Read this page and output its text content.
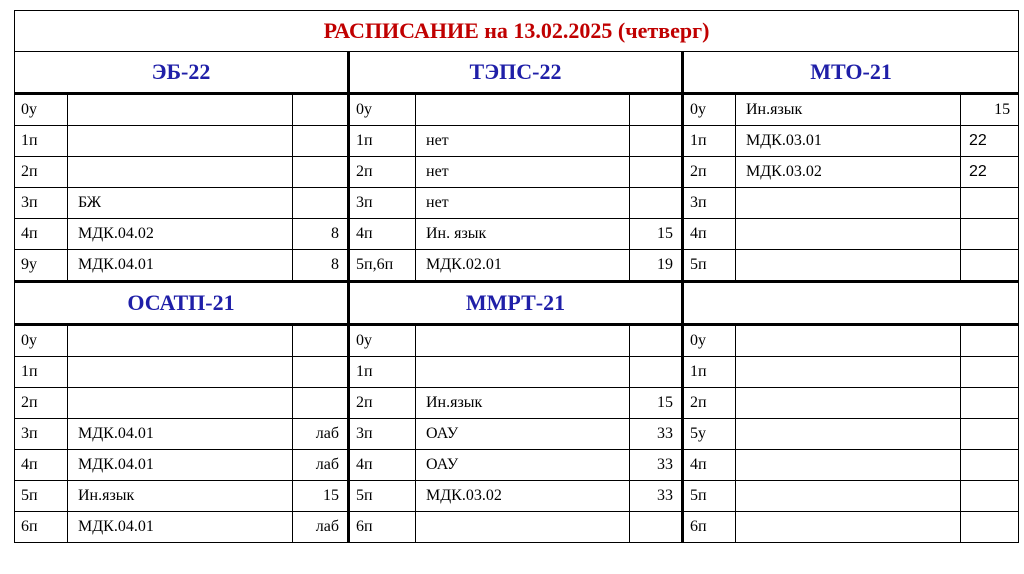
РАСПИСАНИЕ на 13.02.2025 (четверг)								
ЭБ-22			ТЭПС-22			МТО-21		
0у			0у			0у	Ин.язык	15
1п			1п	нет		1п	МДК.03.01	22
2п			2п	нет		2п	МДК.03.02	22
3п	БЖ		3п	нет		3п		
4п	МДК.04.02	8	4п	Ин. язык	15	4п		
9у	МДК.04.01	8	5п,6п	МДК.02.01	19	5п		
ОСАТП-21			ММРТ-21					
0у			0у			0у		
1п			1п			1п		
2п			2п	Ин.язык	15	2п		
3п	МДК.04.01	лаб	3п	ОАУ	33	5у		
4п	МДК.04.01	лаб	4п	ОАУ	33	4п		
5п	Ин.язык	15	5п	МДК.03.02	33	5п		
6п	МДК.04.01	лаб	6п			6п		
